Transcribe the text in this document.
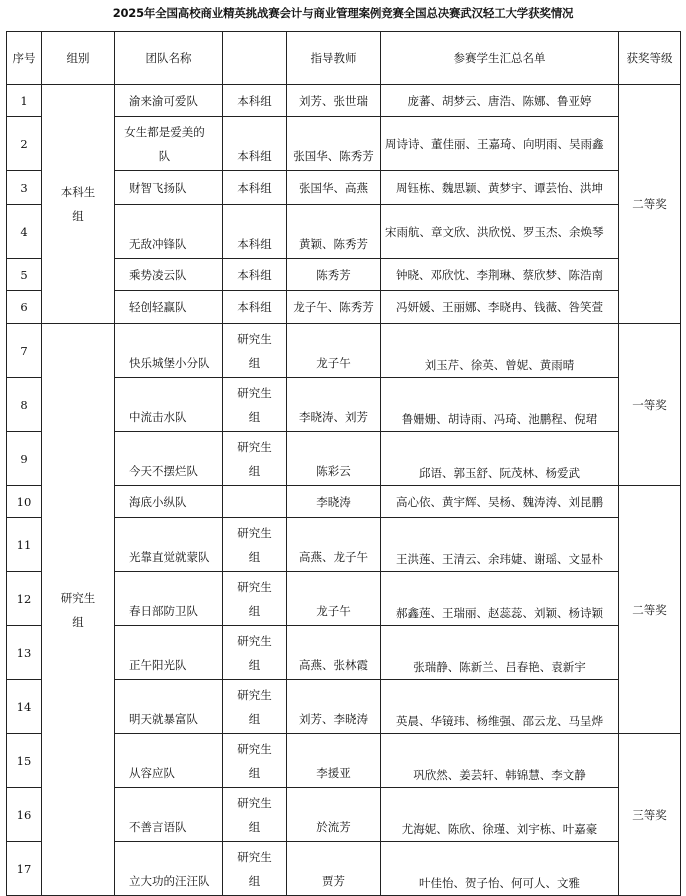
2025年全国高校商业精英挑战赛会计与商业管理案例竞赛全国总决赛武汉轻工大学获奖情况
序号	组别	团队名称		指导教师	参赛学生汇总名单	获奖等级
1	本科生组	渝来渝可爱队	本科组	刘芳、张世瑞	庞蕃、胡梦云、唐浩、陈娜、鲁亚婷	二等奖
2		女生都是爱美的队	本科组	张国华、陈秀芳	周诗诗、董佳丽、王嘉琦、向明雨、吴雨鑫	
3		财智飞扬队	本科组	张国华、高燕	周钰栋、魏思颖、黄梦宇、谭芸怡、洪坤	
4		无敌冲锋队	本科组	黄颖、陈秀芳	宋雨航、章文欣、洪欣悦、罗玉杰、余焕琴	
5		乘势凌云队	本科组	陈秀芳	钟晓、邓欣忱、李荆琳、蔡欣梦、陈浩南	
6		轻创轻赢队	本科组	龙子午、陈秀芳	冯妍媛、王丽娜、李晓冉、钱薇、咎笑萱	
7	研究生组	快乐城堡小分队	研究生组	龙子午	刘玉芹、徐英、曾妮、黄雨晴	一等奖
8		中流击水队	研究生组	李晓涛、刘芳	鲁姗姗、胡诗雨、冯琦、池鹏程、倪珺	
9		今天不摆烂队	研究生组	陈彩云	邱语、郭玉舒、阮茂林、杨爱武	
10		海底小纵队		李晓涛	高心依、黄宇辉、吴杨、魏涛涛、刘昆鹏	二等奖
11		光靠直觉就蒙队	研究生组	高燕、龙子午	王洪莲、王清云、余玮婕、谢瑶、文显朴	
12		春日部防卫队	研究生组	龙子午	郝鑫莲、王瑞丽、赵蕊蕊、刘颖、杨诗颖	
13		正午阳光队	研究生组	高燕、张林霞	张瑞静、陈新兰、吕春艳、袁新宇	
14		明天就暴富队	研究生组	刘芳、李晓涛	英晨、华镜玮、杨维强、邵云龙、马呈烨	
15		从容应队	研究生组	李援亚	巩欣然、姜芸轩、韩锦慧、李文静	三等奖
16		不善言语队	研究生组	於流芳	尤海妮、陈欣、徐瑾、刘宇栋、叶嘉豪	
17		立大功的汪汪队	研究生组	贾芳	叶佳怡、贺子怡、何可人、文雅	
